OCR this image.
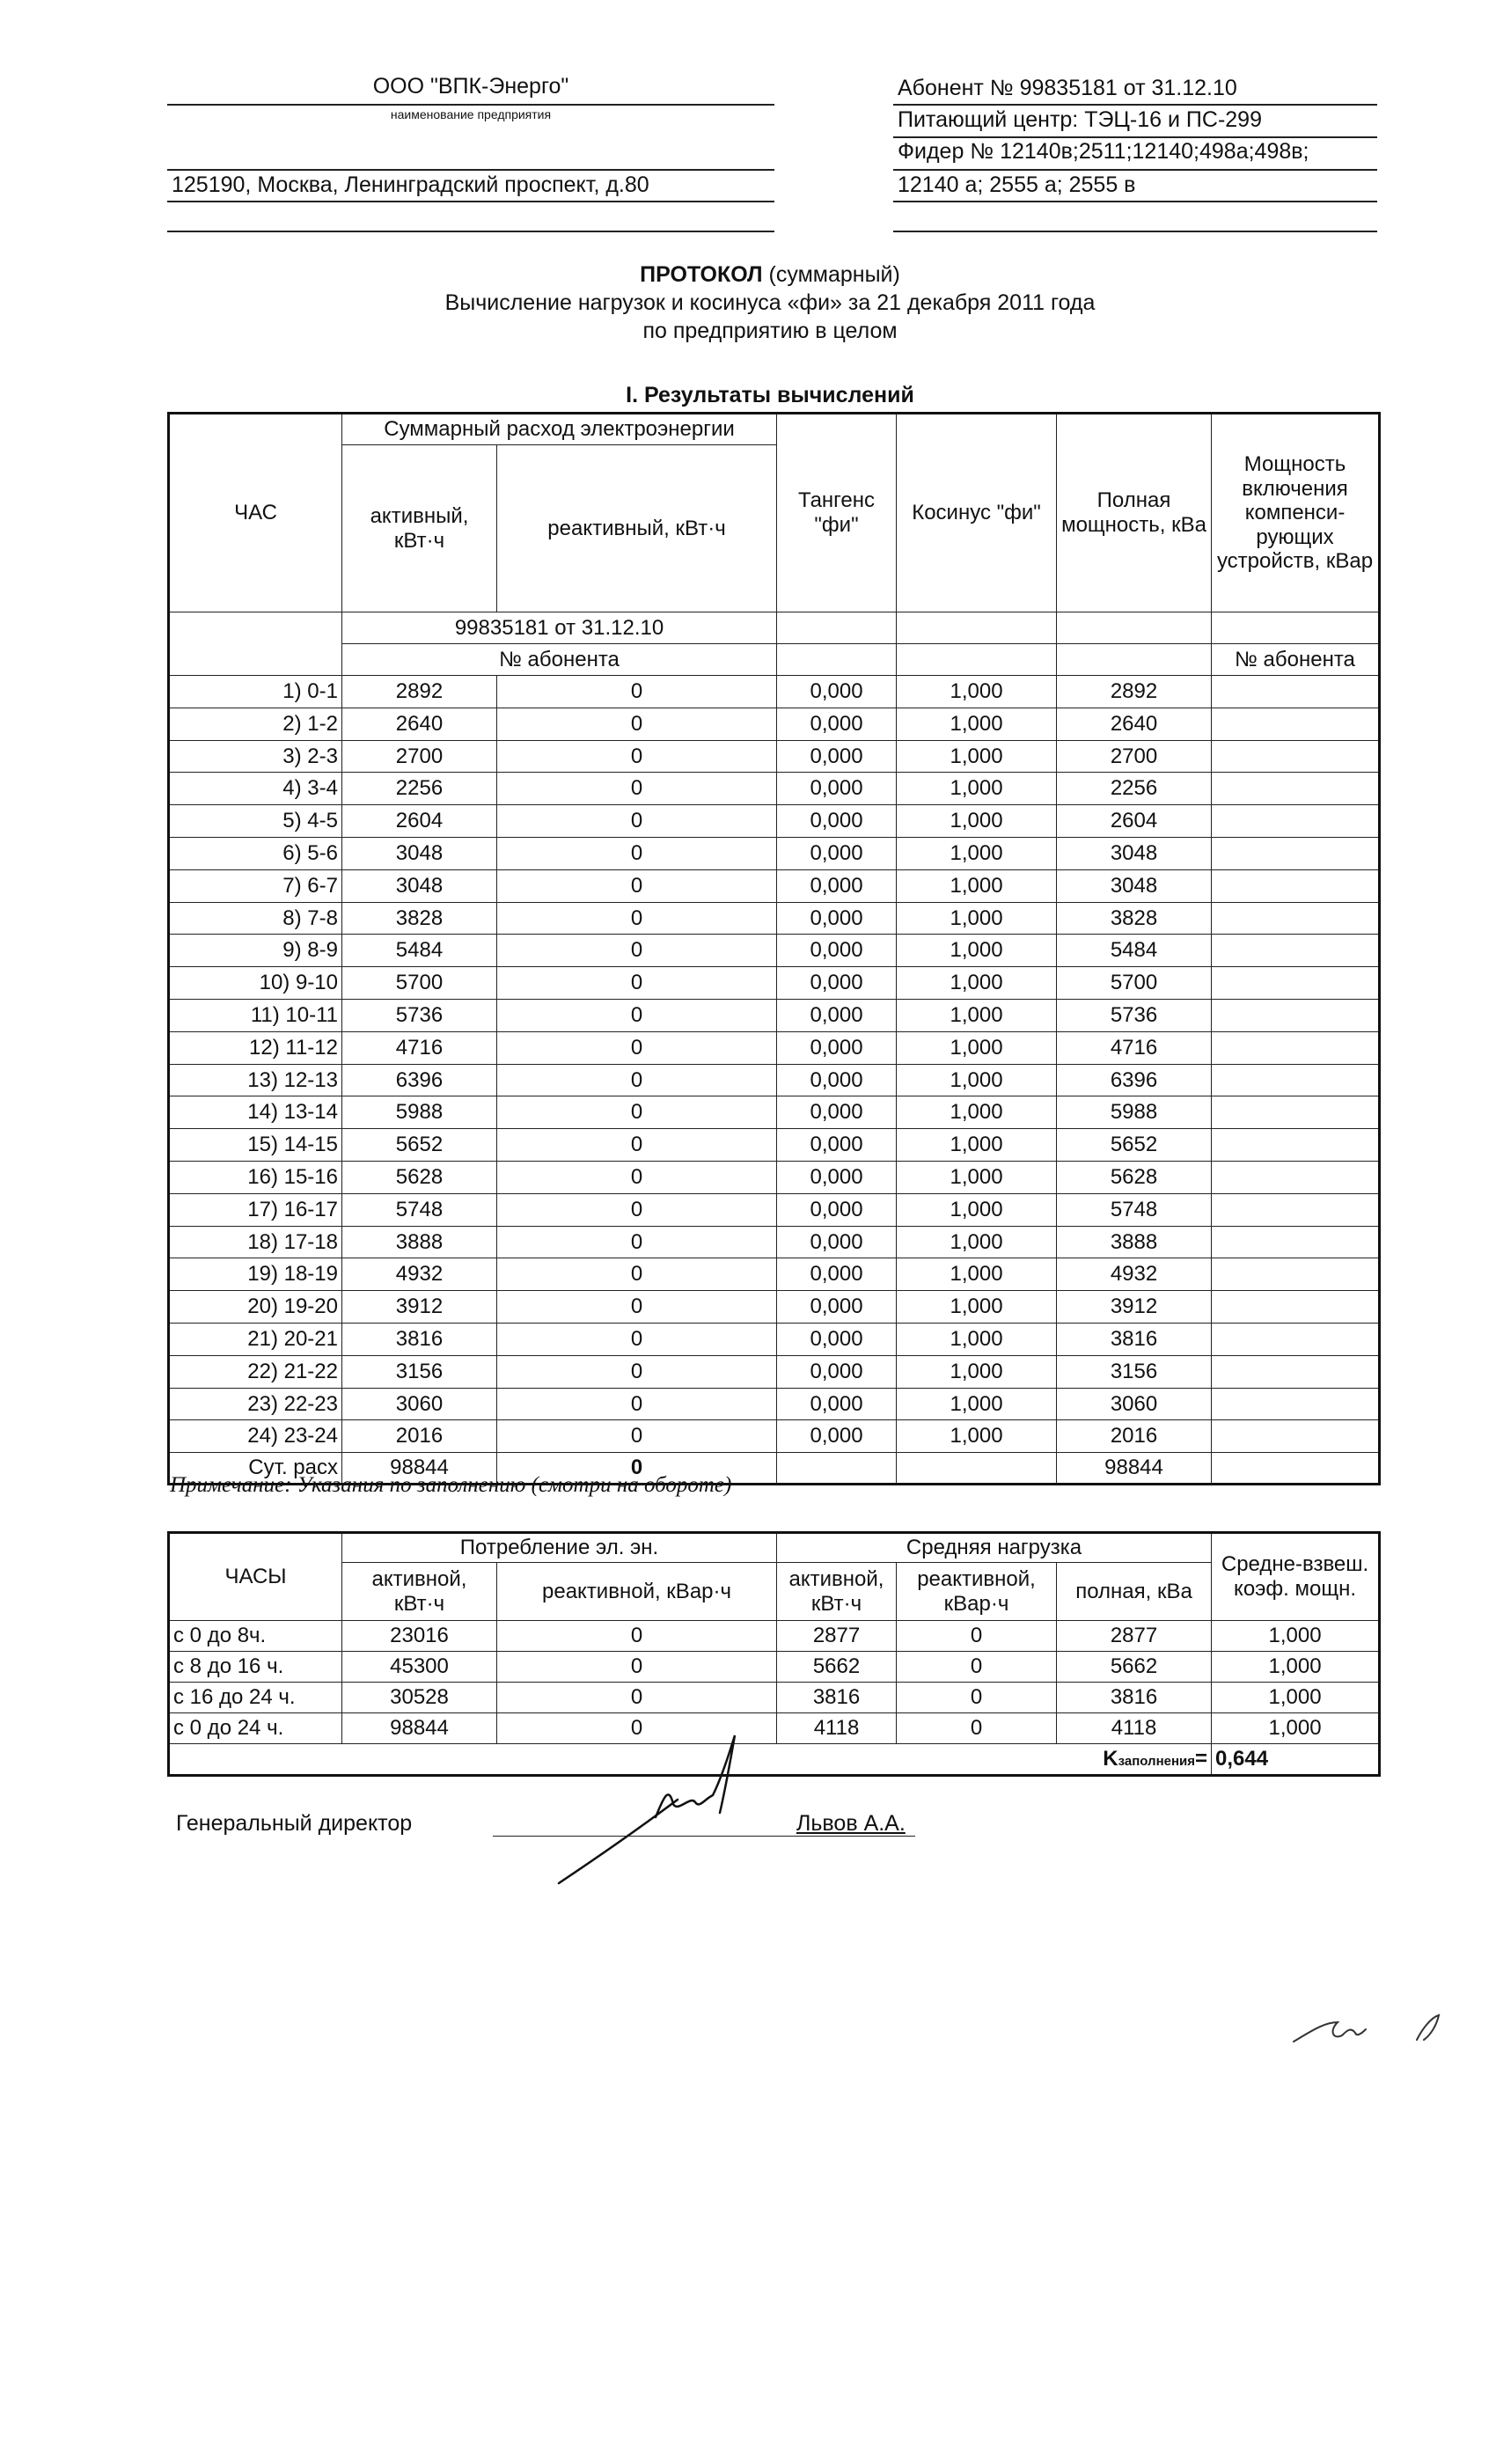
ООО "ВПК-Энерго"
наименование предприятия
125190, Москва, Ленинградский проспект, д.80
Абонент № 99835181 от 31.12.10
Питающий центр: ТЭЦ-16 и ПС-299
Фидер № 12140в;2511;12140;498а;498в;
12140 а; 2555 а; 2555 в
ПРОТОКОЛ (суммарный)
Вычисление нагрузок и косинуса «фи» за 21 декабря 2011 года
по предприятию в целом
I. Результаты вычислений
ЧАС	Суммарный расход электроэнергии		Тангенс "фи"	Косинус "фи"	Полная мощность, кВа	Мощность включения компенси-рующих устройств, кВар
	активный, кВт·ч	реактивный, кВт·ч				
	99835181 от 31.12.10					
	№ абонента					№ абонента
1) 0-1	2892	0	0,000	1,000	2892	
2) 1-2	2640	0	0,000	1,000	2640	
3) 2-3	2700	0	0,000	1,000	2700	
4) 3-4	2256	0	0,000	1,000	2256	
5) 4-5	2604	0	0,000	1,000	2604	
6) 5-6	3048	0	0,000	1,000	3048	
7) 6-7	3048	0	0,000	1,000	3048	
8) 7-8	3828	0	0,000	1,000	3828	
9) 8-9	5484	0	0,000	1,000	5484	
10) 9-10	5700	0	0,000	1,000	5700	
11) 10-11	5736	0	0,000	1,000	5736	
12) 11-12	4716	0	0,000	1,000	4716	
13) 12-13	6396	0	0,000	1,000	6396	
14) 13-14	5988	0	0,000	1,000	5988	
15) 14-15	5652	0	0,000	1,000	5652	
16) 15-16	5628	0	0,000	1,000	5628	
17) 16-17	5748	0	0,000	1,000	5748	
18) 17-18	3888	0	0,000	1,000	3888	
19) 18-19	4932	0	0,000	1,000	4932	
20) 19-20	3912	0	0,000	1,000	3912	
21) 20-21	3816	0	0,000	1,000	3816	
22) 21-22	3156	0	0,000	1,000	3156	
23) 22-23	3060	0	0,000	1,000	3060	
24) 23-24	2016	0	0,000	1,000	2016	
Сут. расх	98844	0			98844	
Примечание: Указания по заполнению (смотри на обороте)
ЧАСЫ	Потребление эл. эн.		Средняя нагрузка			Средне-взвеш. коэф. мощн.
	активной, кВт·ч	реактивной, кВар·ч	активной, кВт·ч	реактивной, кВар·ч	полная, кВа	
с 0 до 8ч.	23016	0	2877	0	2877	1,000
с 8 до 16 ч.	45300	0	5662	0	5662	1,000
с 16 до 24 ч.	30528	0	3816	0	3816	1,000
с 0 до 24 ч.	98844	0	4118	0	4118	1,000
Kзаполнения=						0,644
Генеральный директор	Львов А.А.
